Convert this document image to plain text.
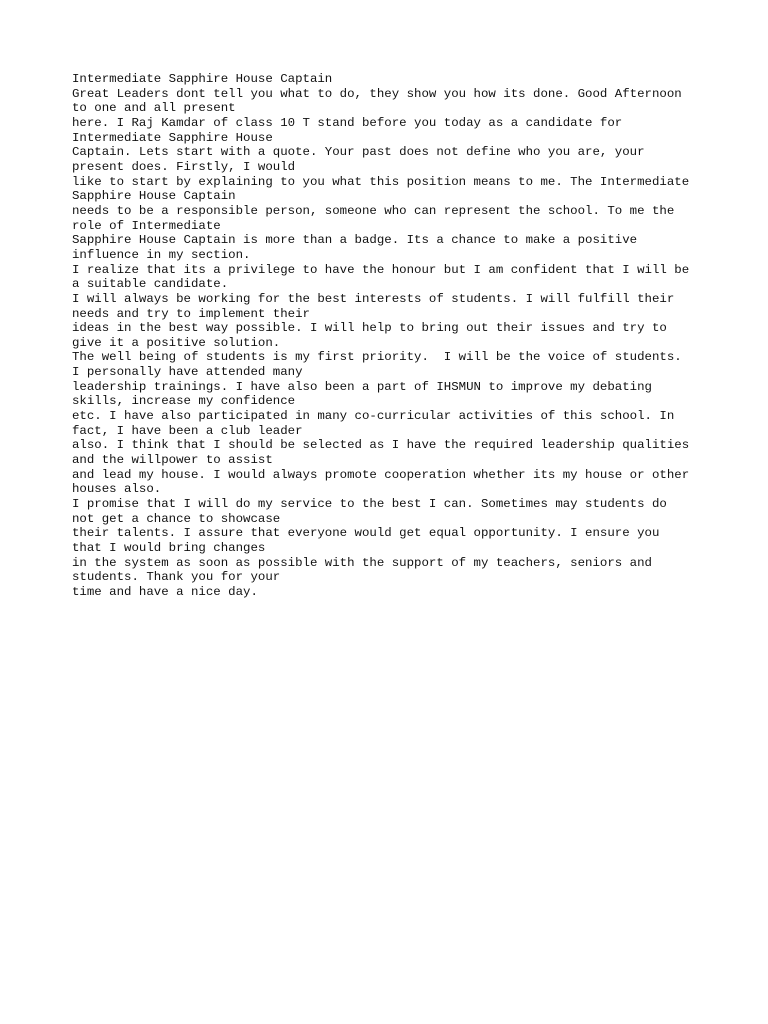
Intermediate Sapphire House Captain
Great Leaders dont tell you what to do, they show you how its done. Good Afternoon
to one and all present
here. I Raj Kamdar of class 10 T stand before you today as a candidate for
Intermediate Sapphire House
Captain. Lets start with a quote. Your past does not define who you are, your
present does. Firstly, I would
like to start by explaining to you what this position means to me. The Intermediate
Sapphire House Captain
needs to be a responsible person, someone who can represent the school. To me the
role of Intermediate
Sapphire House Captain is more than a badge. Its a chance to make a positive
influence in my section.
I realize that its a privilege to have the honour but I am confident that I will be
a suitable candidate.
I will always be working for the best interests of students. I will fulfill their
needs and try to implement their
ideas in the best way possible. I will help to bring out their issues and try to
give it a positive solution.
The well being of students is my first priority.  I will be the voice of students.
I personally have attended many
leadership trainings. I have also been a part of IHSMUN to improve my debating
skills, increase my confidence
etc. I have also participated in many co-curricular activities of this school. In
fact, I have been a club leader
also. I think that I should be selected as I have the required leadership qualities
and the willpower to assist
and lead my house. I would always promote cooperation whether its my house or other
houses also.
I promise that I will do my service to the best I can. Sometimes may students do
not get a chance to showcase
their talents. I assure that everyone would get equal opportunity. I ensure you
that I would bring changes
in the system as soon as possible with the support of my teachers, seniors and
students. Thank you for your
time and have a nice day.
